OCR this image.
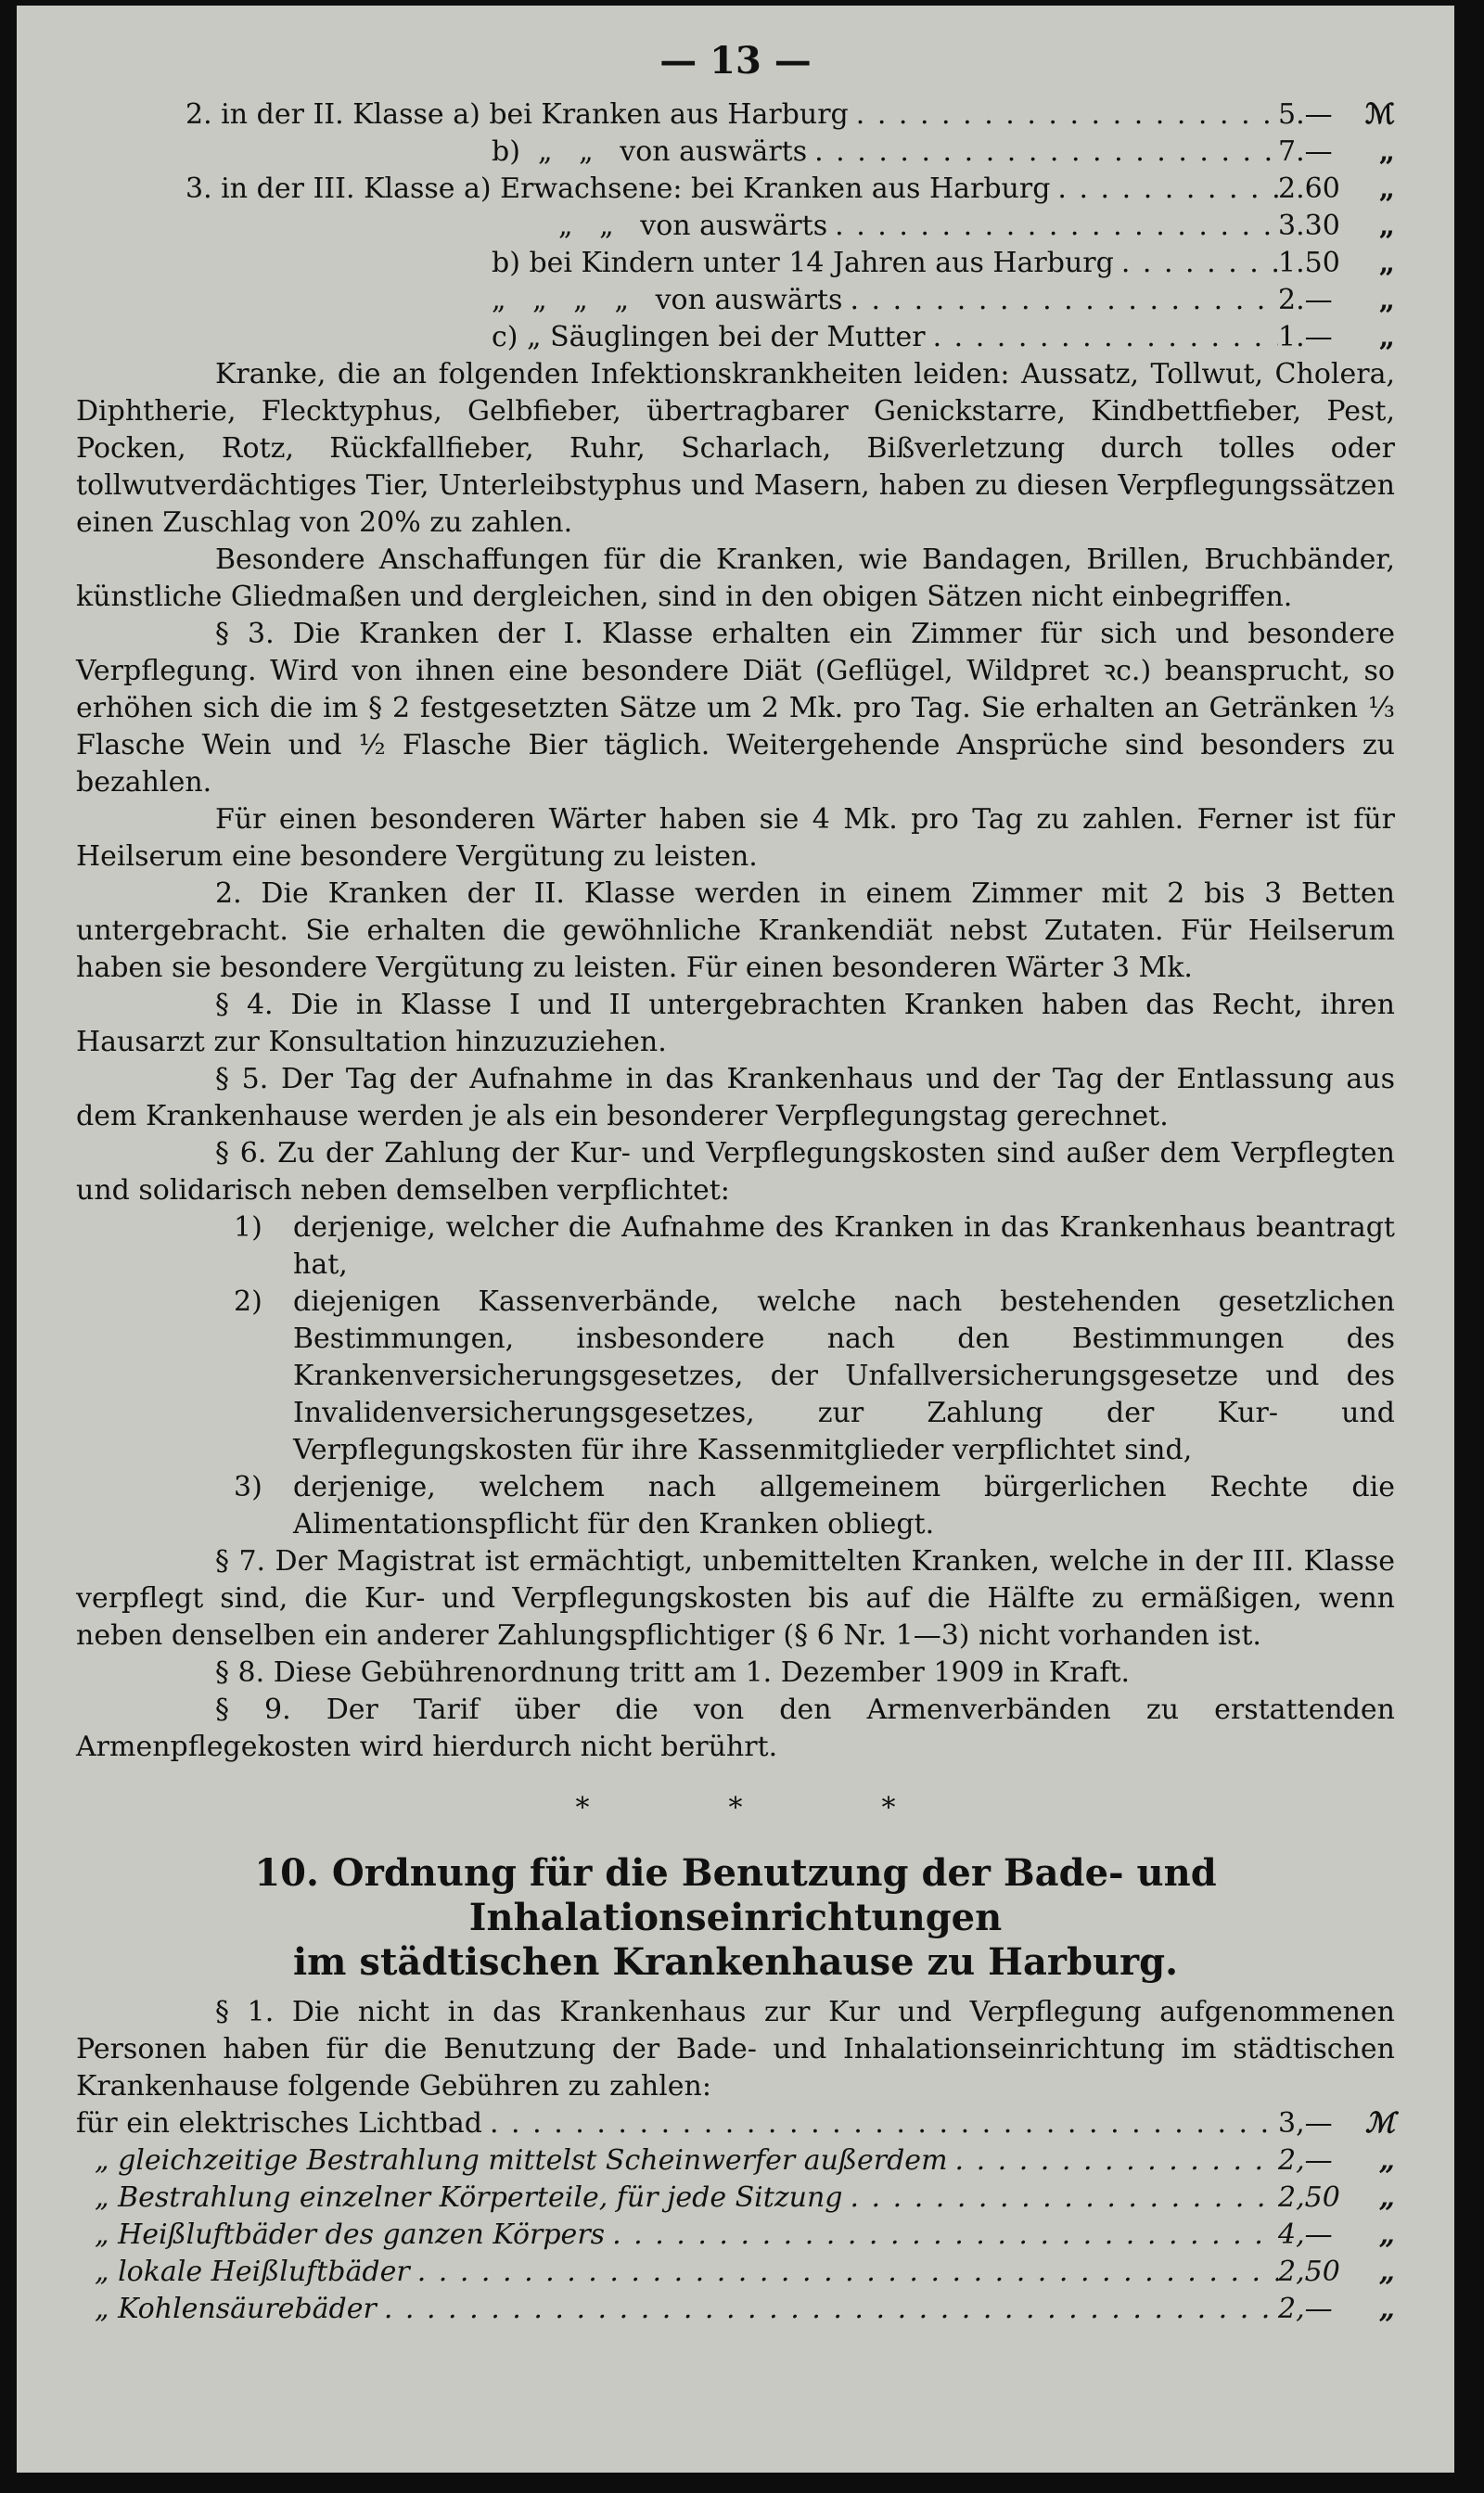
— 13 —
2. in der II. Klasse a) bei Kranken aus Harburg . . .	5.—	ℳ
b)  „   „   von auswärts . . .	7.—	„
3. in der III. Klasse a) Erwachsene: bei Kranken aus Harburg . . .	2.60	„
„   „   von auswärts . . .	3.30	„
b) bei Kindern unter 14 Jahren aus Harburg . . .	1.50	„
„   „   „   „   von auswärts . . .	2.—	„
c) „ Säuglingen bei der Mutter . . .	1.—	„

Kranke, die an folgenden Infektionskrankheiten leiden: Aussatz, Tollwut, Cholera, Diphtherie, Flecktyphus, Gelbfieber, übertragbarer Genickstarre, Kindbettfieber, Pest, Pocken, Rotz, Rückfallfieber, Ruhr, Scharlach, Bißverletzung durch tolles oder tollwutverdächtiges Tier, Unterleibstyphus und Masern, haben zu diesen Verpflegungssätzen einen Zuschlag von 20% zu zahlen.

Besondere Anschaffungen für die Kranken, wie Bandagen, Brillen, Bruchbänder, künstliche Gliedmaßen und dergleichen, sind in den obigen Sätzen nicht einbegriffen.

§ 3. Die Kranken der I. Klasse erhalten ein Zimmer für sich und besondere Verpflegung. Wird von ihnen eine besondere Diät (Geflügel, Wildpret ꝛc.) beansprucht, so erhöhen sich die im § 2 festgesetzten Sätze um 2 Mk. pro Tag. Sie erhalten an Getränken ⅓ Flasche Wein und ½ Flasche Bier täglich. Weitergehende Ansprüche sind besonders zu bezahlen.

Für einen besonderen Wärter haben sie 4 Mk. pro Tag zu zahlen. Ferner ist für Heilserum eine besondere Vergütung zu leisten.

2. Die Kranken der II. Klasse werden in einem Zimmer mit 2 bis 3 Betten untergebracht. Sie erhalten die gewöhnliche Krankendiät nebst Zutaten. Für Heilserum haben sie besondere Vergütung zu leisten. Für einen besonderen Wärter 3 Mk.

§ 4. Die in Klasse I und II untergebrachten Kranken haben das Recht, ihren Hausarzt zur Konsultation hinzuzuziehen.

§ 5. Der Tag der Aufnahme in das Krankenhaus und der Tag der Entlassung aus dem Krankenhause werden je als ein besonderer Verpflegungstag gerechnet.

§ 6. Zu der Zahlung der Kur- und Verpflegungskosten sind außer dem Verpflegten und solidarisch neben demselben verpflichtet:

1)	derjenige, welcher die Aufnahme des Kranken in das Krankenhaus beantragt hat,
2)	diejenigen Kassenverbände, welche nach bestehenden gesetzlichen Bestimmungen, insbesondere nach den Bestimmungen des Krankenversicherungsgesetzes, der Unfallversicherungsgesetze und des Invalidenversicherungsgesetzes, zur Zahlung der Kur- und Verpflegungskosten für ihre Kassenmitglieder verpflichtet sind,
3)	derjenige, welchem nach allgemeinem bürgerlichen Rechte die Alimentationspflicht für den Kranken obliegt.

§ 7. Der Magistrat ist ermächtigt, unbemittelten Kranken, welche in der III. Klasse verpflegt sind, die Kur- und Verpflegungskosten bis auf die Hälfte zu ermäßigen, wenn neben denselben ein anderer Zahlungspflichtiger (§ 6 Nr. 1—3) nicht vorhanden ist.

§ 8. Diese Gebührenordnung tritt am 1. Dezember 1909 in Kraft.

§ 9. Der Tarif über die von den Armenverbänden zu erstattenden Armenpflegekosten wird hierdurch nicht berührt.

*	*	*
10. Ordnung für die Benutzung der Bade- und Inhalationseinrichtungen
im städtischen Krankenhause zu Harburg.

§ 1. Die nicht in das Krankenhaus zur Kur und Verpflegung aufgenommenen Personen haben für die Benutzung der Bade- und Inhalationseinrichtung im städtischen Krankenhause folgende Gebühren zu zahlen:

für ein elektrisches Lichtbad . . .	3,—	ℳ
„ gleichzeitige Bestrahlung mittelst Scheinwerfer außerdem . . .	2,—	„
„ Bestrahlung einzelner Körperteile, für jede Sitzung . . .	2,50	„
„ Heißluftbäder des ganzen Körpers . . .	4,—	„
„ lokale Heißluftbäder . . .	2,50	„
„ Kohlensäurebäder . . .	2,—	„
